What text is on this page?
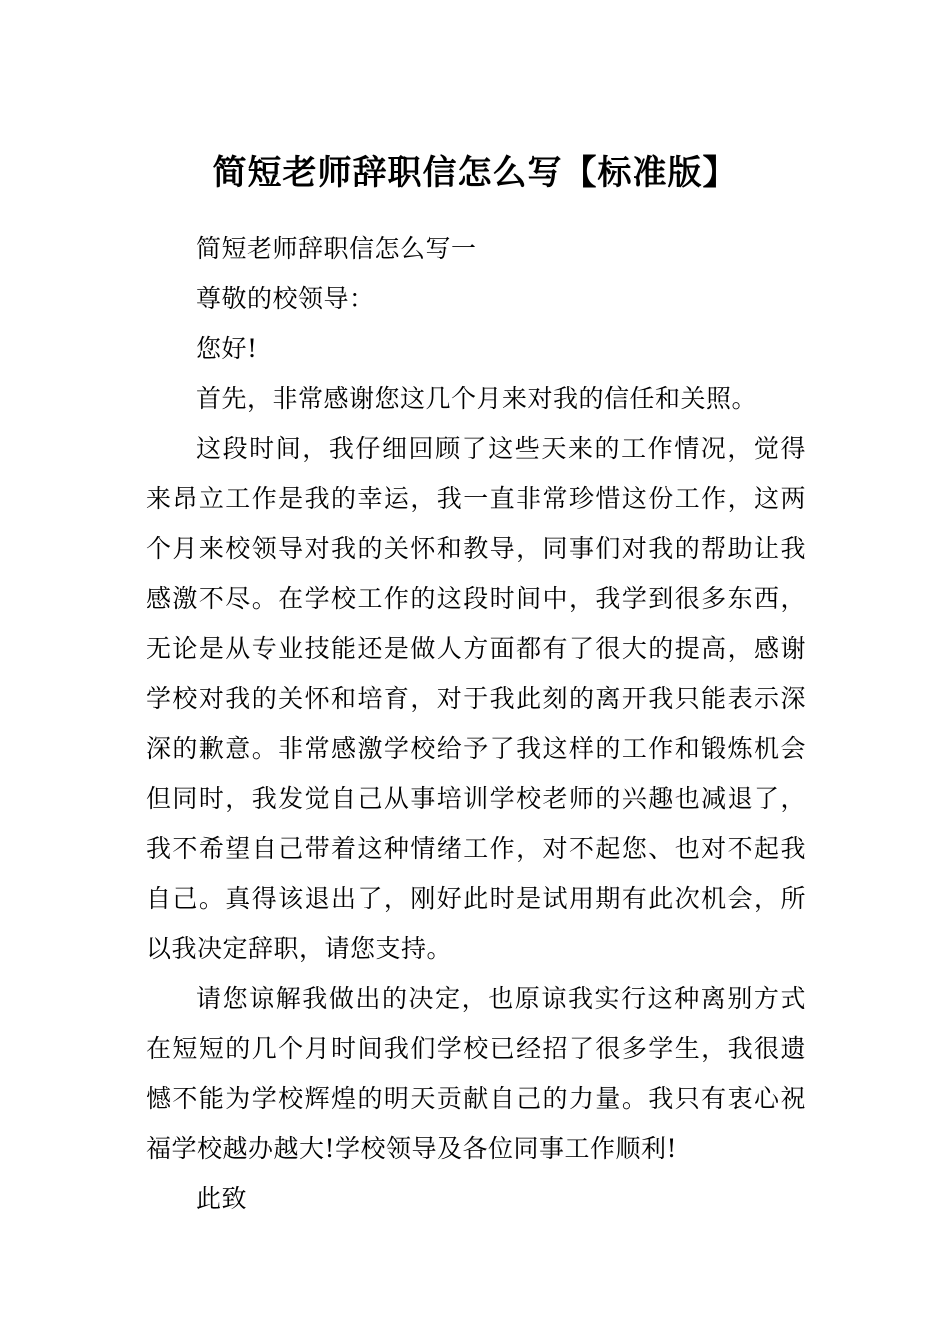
简短老师辞职信怎么写【标准版】

简短老师辞职信怎么写一

尊敬的校领导：

您好!

首先，非常感谢您这几个月来对我的信任和关照。

这段时间，我仔细回顾了这些天来的工作情况，觉得来昂立工作是我的幸运，我一直非常珍惜这份工作，这两个月来校领导对我的关怀和教导，同事们对我的帮助让我感激不尽。在学校工作的这段时间中，我学到很多东西，无论是从专业技能还是做人方面都有了很大的提高，感谢学校对我的关怀和培育，对于我此刻的离开我只能表示深深的歉意。非常感激学校给予了我这样的工作和锻炼机会但同时，我发觉自己从事培训学校老师的兴趣也减退了，我不希望自己带着这种情绪工作，对不起您、也对不起我自己。真得该退出了，刚好此时是试用期有此次机会，所以我决定辞职，请您支持。

请您谅解我做出的决定，也原谅我实行这种离别方式 在短短的几个月时间我们学校已经招了很多学生，我很遗憾不能为学校辉煌的明天贡献自己的力量。我只有衷心祝福学校越办越大!学校领导及各位同事工作顺利!

此致
